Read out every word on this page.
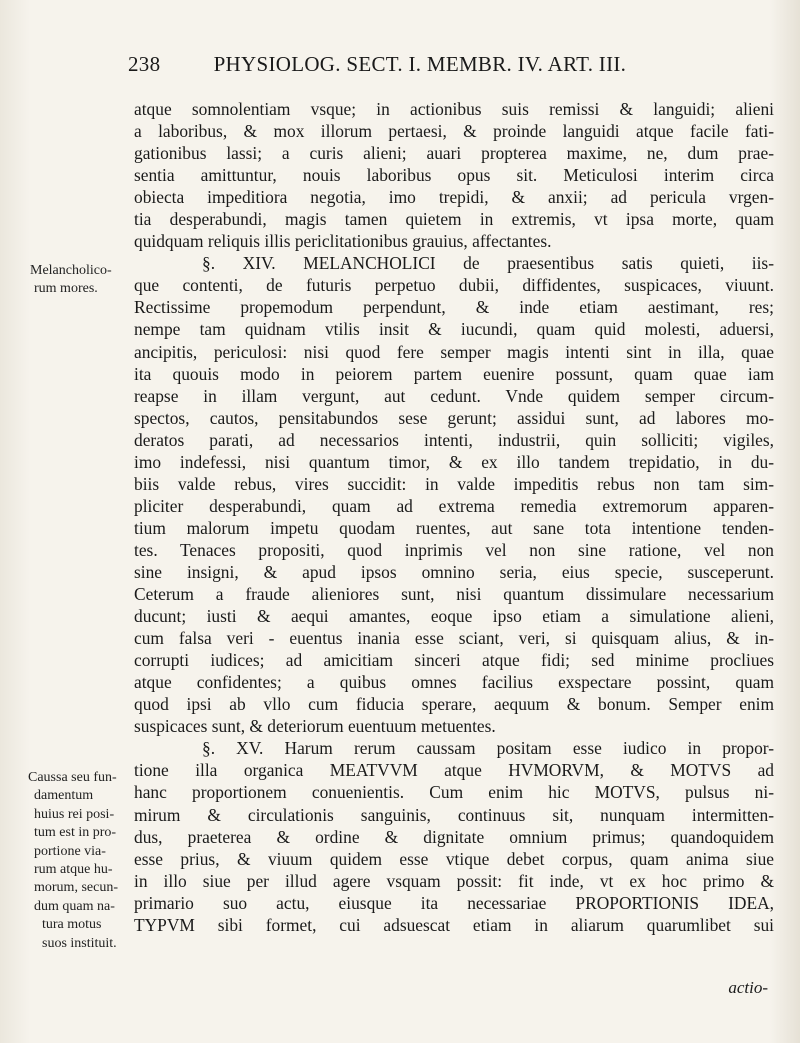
238	PHYSIOLOG. SECT. I. MEMBR. IV. ART. III.
Melancholico-
rum mores.
Caussa seu fun-
damentum
huius rei posi-
tum est in pro-
portione via-
rum atque hu-
morum, secun-
dum quam na-
tura motus
suos instituit.
atque somnolentiam vsque; in actionibus suis remissi & languidi; alieni
a laboribus, & mox illorum pertaesi, & proinde languidi atque facile fati-
gationibus lassi; a curis alieni; auari propterea maxime, ne, dum prae-
sentia amittuntur, nouis laboribus opus sit. Meticulosi interim circa
obiecta impeditiora negotia, imo trepidi, & anxii; ad pericula vrgen-
tia desperabundi, magis tamen quietem in extremis, vt ipsa morte, quam
quidquam reliquis illis periclitationibus grauius, affectantes.
§. XIV. MELANCHOLICI de praesentibus satis quieti, iis-
que contenti, de futuris perpetuo dubii, diffidentes, suspicaces, viuunt.
Rectissime propemodum perpendunt, & inde etiam aestimant, res;
nempe tam quidnam vtilis insit & iucundi, quam quid molesti, aduersi,
ancipitis, periculosi: nisi quod fere semper magis intenti sint in illa, quae
ita quouis modo in peiorem partem euenire possunt, quam quae iam
reapse in illam vergunt, aut cedunt. Vnde quidem semper circum-
spectos, cautos, pensitabundos sese gerunt; assidui sunt, ad labores mo-
deratos parati, ad necessarios intenti, industrii, quin solliciti; vigiles,
imo indefessi, nisi quantum timor, & ex illo tandem trepidatio, in du-
biis valde rebus, vires succidit: in valde impeditis rebus non tam sim-
pliciter desperabundi, quam ad extrema remedia extremorum apparen-
tium malorum impetu quodam ruentes, aut sane tota intentione tenden-
tes. Tenaces propositi, quod inprimis vel non sine ratione, vel non
sine insigni, & apud ipsos omnino seria, eius specie, susceperunt.
Ceterum a fraude alieniores sunt, nisi quantum dissimulare necessarium
ducunt; iusti & aequi amantes, eoque ipso etiam a simulatione alieni,
cum falsa veri - euentus inania esse sciant, veri, si quisquam alius, & in-
corrupti iudices; ad amicitiam sinceri atque fidi; sed minime procliues
atque confidentes; a quibus omnes facilius exspectare possint, quam
quod ipsi ab vllo cum fiducia sperare, aequum & bonum. Semper enim
suspicaces sunt, & deteriorum euentuum metuentes.
§. XV. Harum rerum caussam positam esse iudico in propor-
tione illa organica MEATVVM atque HVMORVM, & MOTVS ad
hanc proportionem conuenientis. Cum enim hic MOTVS, pulsus ni-
mirum & circulationis sanguinis, continuus sit, nunquam intermitten-
dus, praeterea & ordine & dignitate omnium primus; quandoquidem
esse prius, & viuum quidem esse vtique debet corpus, quam anima siue
in illo siue per illud agere vsquam possit: fit inde, vt ex hoc primo &
primario suo actu, eiusque ita necessariae PROPORTIONIS IDEA,
TYPVM sibi formet, cui adsuescat etiam in aliarum quarumlibet sui
actio-
